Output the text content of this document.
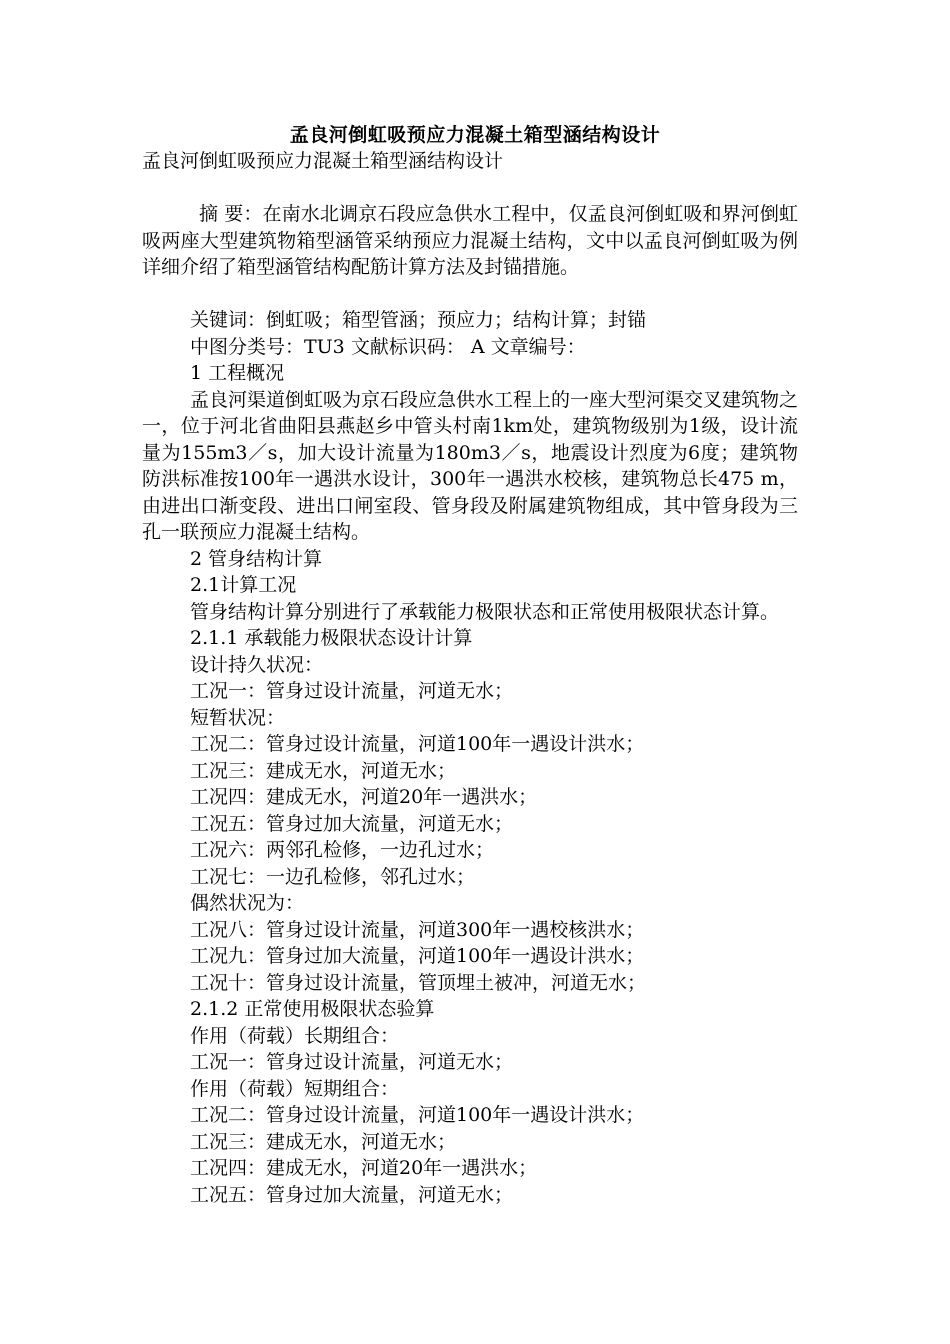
孟良河倒虹吸预应力混凝土箱型涵结构设计

孟良河倒虹吸预应力混凝土箱型涵结构设计

摘 要：在南水北调京石段应急供水工程中，仅孟良河倒虹吸和界河倒虹吸两座大型建筑物箱型涵管采纳预应力混凝土结构，文中以孟良河倒虹吸为例详细介绍了箱型涵管结构配筋计算方法及封锚措施。

关键词：倒虹吸；箱型管涵；预应力；结构计算；封锚

中图分类号：TU3 文献标识码： A 文章编号：

1 工程概况

孟良河渠道倒虹吸为京石段应急供水工程上的一座大型河渠交叉建筑物之一，位于河北省曲阳县燕赵乡中管头村南1km处，建筑物级别为1级，设计流量为155m3／s，加大设计流量为180m3／s，地震设计烈度为6度；建筑物防洪标准按100年一遇洪水设计，300年一遇洪水校核，建筑物总长475 m，由进出口渐变段、进出口闸室段、管身段及附属建筑物组成，其中管身段为三孔一联预应力混凝土结构。

2 管身结构计算

2.1计算工况

管身结构计算分别进行了承载能力极限状态和正常使用极限状态计算。

2.1.1 承载能力极限状态设计计算

设计持久状况：

工况一：管身过设计流量，河道无水；

短暂状况：

工况二：管身过设计流量，河道100年一遇设计洪水；

工况三：建成无水，河道无水；

工况四：建成无水，河道20年一遇洪水；

工况五：管身过加大流量，河道无水；

工况六：两邻孔检修，一边孔过水；

工况七：一边孔检修，邻孔过水；

偶然状况为：

工况八：管身过设计流量，河道300年一遇校核洪水；

工况九：管身过加大流量，河道100年一遇设计洪水；

工况十：管身过设计流量，管顶埋土被冲，河道无水；

2.1.2 正常使用极限状态验算

作用（荷载）长期组合：

工况一：管身过设计流量，河道无水；

作用（荷载）短期组合：

工况二：管身过设计流量，河道100年一遇设计洪水；

工况三：建成无水，河道无水；

工况四：建成无水，河道20年一遇洪水；

工况五：管身过加大流量，河道无水；
